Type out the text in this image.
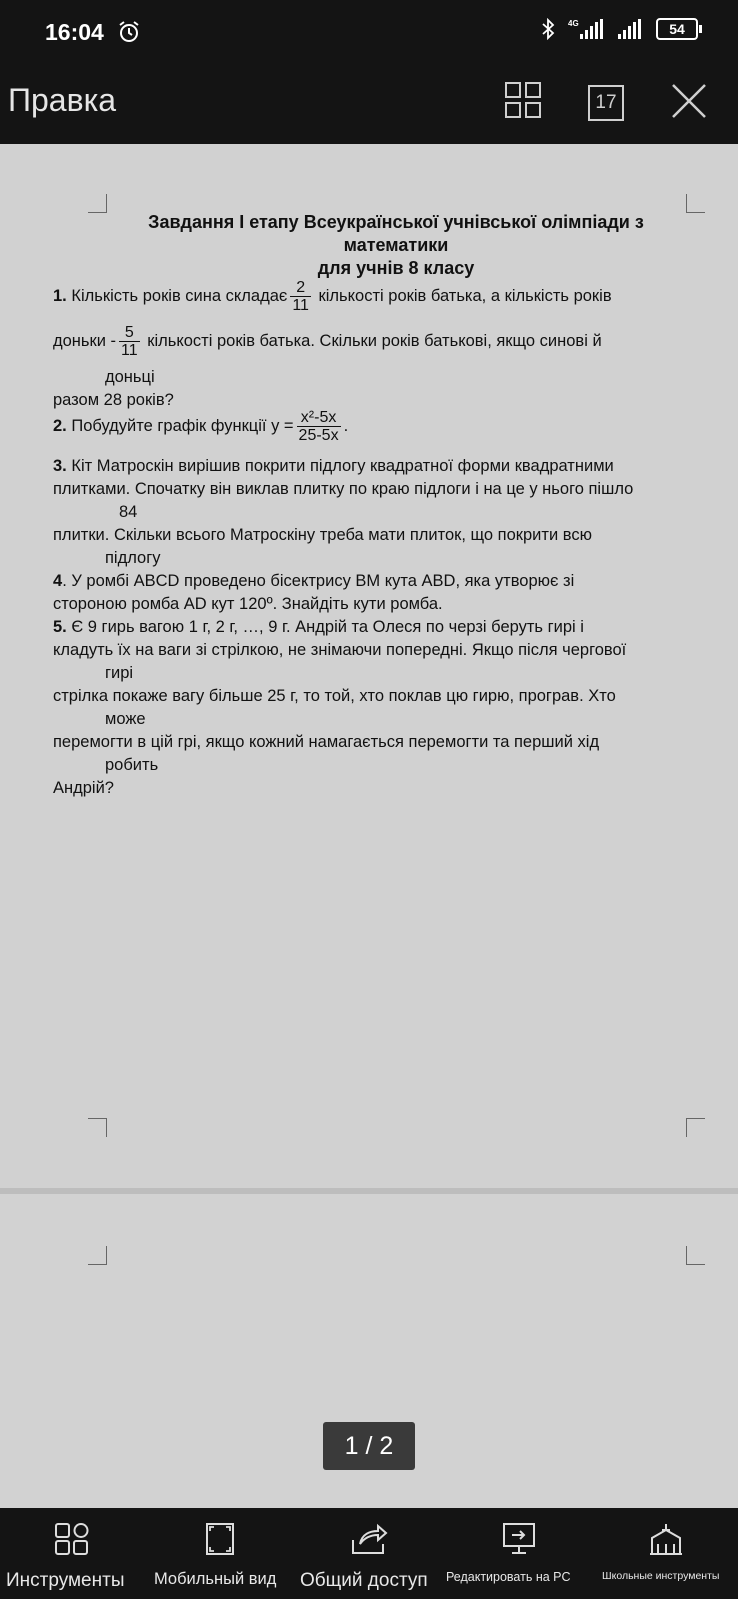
16:04	4G	54
Правка	17
Завдання І етапу Всеукраїнської учнівської олімпіади з
математики
для учнів 8 класу
1. Кількість років сина складає $\frac{2}{11}$ кількості років батька, а кількість років
доньки - $\frac{5}{11}$ кількості років батька. Скільки років батькові, якщо синові й
доньці
разом 28 років?
2. Побудуйте графік функції $y = \frac{\text{x²-5x}}{25-5x}$ .
3. Кіт Матроскін вирішив покрити підлогу квадратної форми квадратними
плитками. Спочатку він виклав плитку по краю підлоги і на це у нього пішло
84
плитки. Скільки всього Матроскіну треба мати плиток, що покрити всю
підлогу
4. У ромбі ABCD проведено бісектрису BM кута ABD, яка утворює зі
стороною ромба AD кут 120º. Знайдіть кути ромба.
5. Є 9 гирь вагою 1 г, 2 г, …, 9 г. Андрій та Олеся по черзі беруть гирі і
кладуть їх на ваги зі стрілкою, не знімаючи попередні. Якщо після чергової
гирі
стрілка покаже вагу більше 25 г, то той, хто поклав цю гирю, програв. Хто
може
перемогти в цій грі, якщо кожний намагається перемогти та перший хід
робить
Андрій?
1 / 2
Инструменты Мобильный вид Общий доступ Редактировать на PC	Школьные инструменты
